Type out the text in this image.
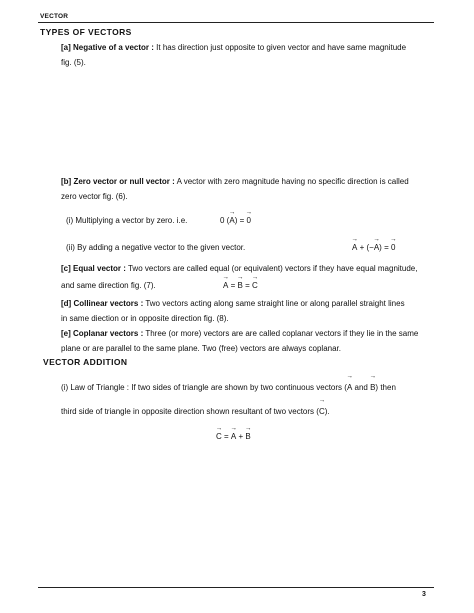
VECTOR
TYPES OF VECTORS
[a] Negative of a vector : It has direction just opposite to given vector and have same magnitude
fig. (5).
[b] Zero vector or null vector : A vector with zero magnitude having no specific direction is called
zero vector fig. (6).
(i) Multiplying a vector by zero. i.e.	0 (→ A) = → 0
(ii) By adding a negative vector to the given vector.	→ A + (−→ A) = → 0
[c] Equal vector : Two vectors are called equal (or equivalent) vectors if they have equal magnitude,
and same direction fig. (7).	→ A = → B = → C
[d] Collinear vectors : Two vectors acting along same straight line or along parallel straight lines
in same diection or in opposite direction fig. (8).
[e] Coplanar vectors : Three (or more) vectors are are called coplanar vectors if they lie in the same
plane or are parallel to the same plane. Two (free) vectors are always coplanar.
VECTOR ADDITION
(i) Law of Triangle : If two sides of triangle are shown by two continuous vectors (→ A and → B) then
third side of triangle in opposite direction shown resultant of two vectors (→ C).
→ C = → A + → B
3
